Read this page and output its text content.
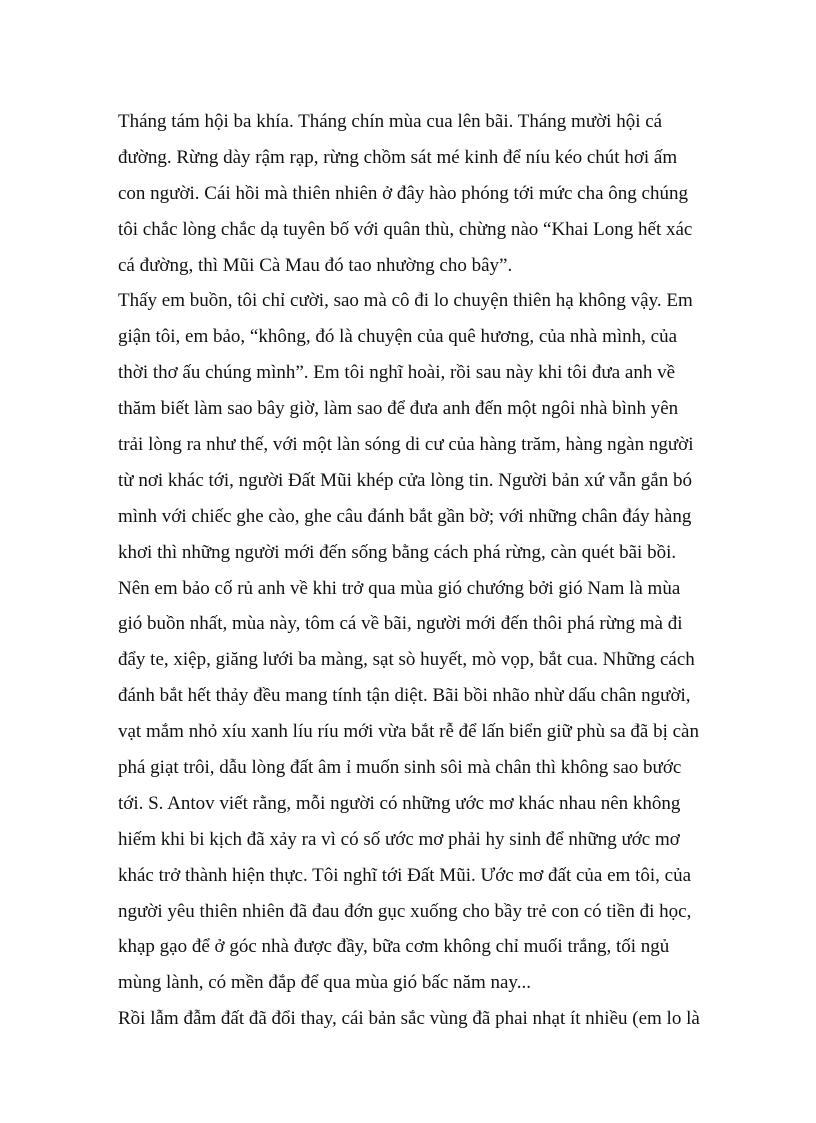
Tháng tám hội ba khía. Tháng chín mùa cua lên bãi. Tháng mười hội cá
đường. Rừng dày rậm rạp, rừng chồm sát mé kinh để níu kéo chút hơi ấm
con người. Cái hồi mà thiên nhiên ở đây hào phóng tới mức cha ông chúng
tôi chắc lòng chắc dạ tuyên bố với quân thù, chừng nào “Khai Long hết xác
cá đường, thì Mũi Cà Mau đó tao nhường cho bây”.
Thấy em buồn, tôi chỉ cười, sao mà cô đi lo chuyện thiên hạ không vậy. Em
giận tôi, em bảo, “không, đó là chuyện của quê hương, của nhà mình, của
thời thơ ấu chúng mình”. Em tôi nghĩ hoài, rồi sau này khi tôi đưa anh về
thăm biết làm sao bây giờ, làm sao để đưa anh đến một ngôi nhà bình yên
trải lòng ra như thế, với một làn sóng di cư của hàng trăm, hàng ngàn người
từ nơi khác tới, người Đất Mũi khép cửa lòng tin. Người bản xứ vẫn gắn bó
mình với chiếc ghe cào, ghe câu đánh bắt gần bờ; với những chân đáy hàng
khơi thì những người mới đến sống bằng cách phá rừng, càn quét bãi bồi.
Nên em bảo cố rủ anh về khi trở qua mùa gió chướng bởi gió Nam là mùa
gió buồn nhất, mùa này, tôm cá về bãi, người mới đến thôi phá rừng mà đi
đẩy te, xiệp, giăng lưới ba màng, sạt sò huyết, mò vọp, bắt cua. Những cách
đánh bắt hết thảy đều mang tính tận diệt. Bãi bồi nhão nhừ dấu chân người,
vạt mắm nhỏ xíu xanh líu ríu mới vừa bắt rễ để lấn biển giữ phù sa đã bị càn
phá giạt trôi, dẫu lòng đất âm ỉ muốn sinh sôi mà chân thì không sao bước
tới. S. Antov viết rằng, mỗi người có những ước mơ khác nhau nên không
hiếm khi bi kịch đã xảy ra vì có số ước mơ phải hy sinh để những ước mơ
khác trở thành hiện thực. Tôi nghĩ tới Đất Mũi. Ước mơ đất của em tôi, của
người yêu thiên nhiên đã đau đớn gục xuống cho bầy trẻ con có tiền đi học,
khạp gạo để ở góc nhà được đầy, bữa cơm không chỉ muối trắng, tối ngủ
mùng lành, có mền đắp để qua mùa gió bấc năm nay...
Rồi lẫm đẫm đất đã đổi thay, cái bản sắc vùng đã phai nhạt ít nhiều (em lo là
